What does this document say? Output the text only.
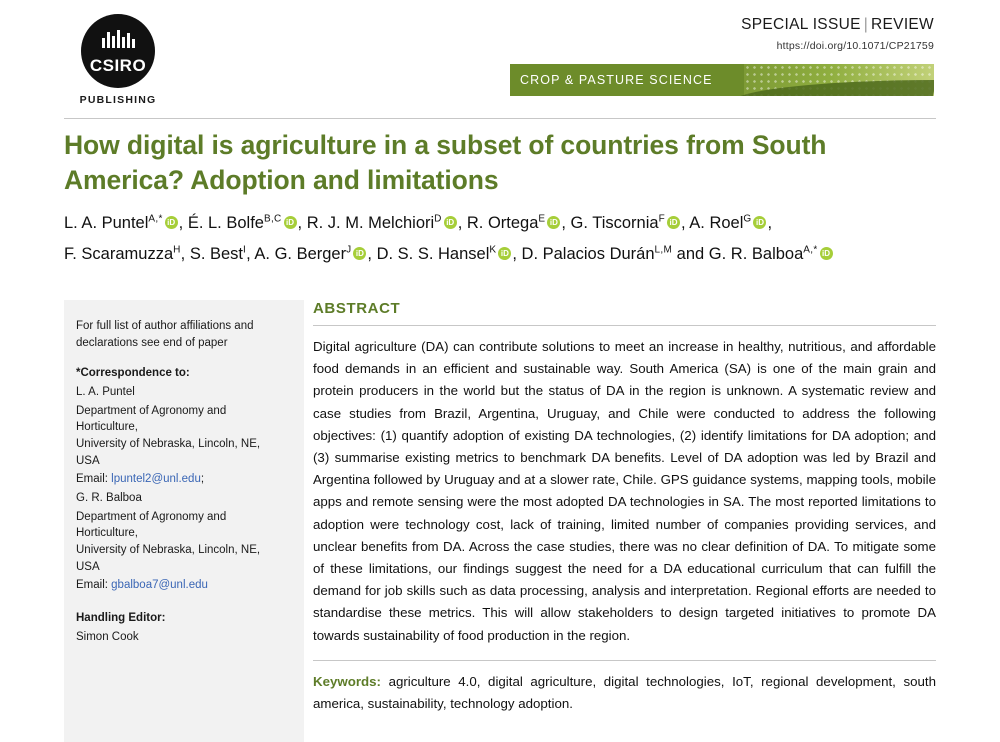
CSIRO
PUBLISHING
SPECIAL ISSUE | REVIEW
https://doi.org/10.1071/CP21759
CROP & PASTURE SCIENCE
How digital is agriculture in a subset of countries from South America? Adoption and limitations
L. A. Puntel$^{A,*}$ iD , É. L. Bolfe$^{B,C}$ iD , R. J. M. Melchiori$^D$ iD , R. Ortega$^E$ iD , G. Tiscornia$^F$ iD , A. Roel$^G$ iD ,
F. Scaramuzza$^H$, S. Best$^I$, A. G. Berger$^J$ iD , D. S. S. Hansel$^K$ iD , D. Palacios Durán$^{L,M}$ and G. R. Balboa$^{A,*}$iD

For full list of author affiliations and declarations see end of paper

*Correspondence to:

L. A. Puntel

Department of Agronomy and Horticulture,

University of Nebraska, Lincoln, NE, USA

Email: lpuntel2@unl.edu;

G. R. Balboa

Department of Agronomy and Horticulture,

University of Nebraska, Lincoln, NE, USA

Email: gbalboa7@unl.edu

Handling Editor:

Simon Cook

ABSTRACT
Digital agriculture (DA) can contribute solutions to meet an increase in healthy, nutritious, and affordable food demands in an efficient and sustainable way. South America (SA) is one of the main grain and protein producers in the world but the status of DA in the region is unknown. A systematic review and case studies from Brazil, Argentina, Uruguay, and Chile were conducted to address the following objectives: (1) quantify adoption of existing DA technologies, (2) identify limitations for DA adoption; and (3) summarise existing metrics to benchmark DA benefits. Level of DA adoption was led by Brazil and Argentina followed by Uruguay and at a slower rate, Chile. GPS guidance systems, mapping tools, mobile apps and remote sensing were the most adopted DA technologies in SA. The most reported limitations to adoption were technology cost, lack of training, limited number of companies providing services, and unclear benefits from DA. Across the case studies, there was no clear definition of DA. To mitigate some of these limitations, our findings suggest the need for a DA educational curriculum that can fulfill the demand for job skills such as data processing, analysis and interpretation. Regional efforts are needed to standardise these metrics. This will allow stakeholders to design targeted initiatives to promote DA towards sustainability of food production in the region.
Keywords: agriculture 4.0, digital agriculture, digital technologies, IoT, regional development, south america, sustainability, technology adoption.
